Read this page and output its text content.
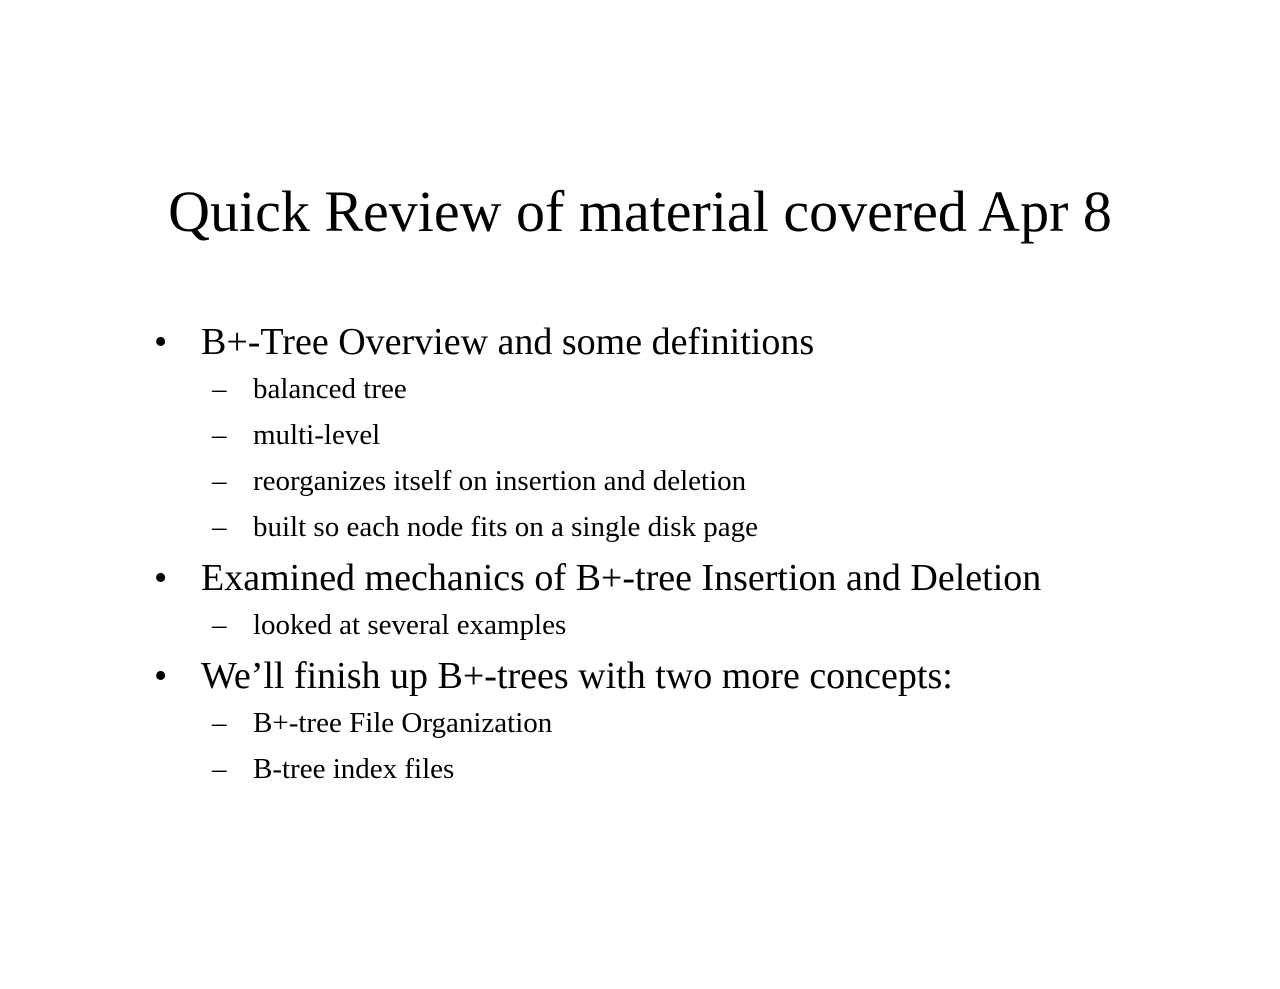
Quick Review of material covered Apr 8
• B+-Tree Overview and some definitions
– balanced tree
– multi-level
– reorganizes itself on insertion and deletion
– built so each node fits on a single disk page
• Examined mechanics of B+-tree Insertion and Deletion
– looked at several examples
• We’ll finish up B+-trees with two more concepts:
– B+-tree File Organization
– B-tree index files
